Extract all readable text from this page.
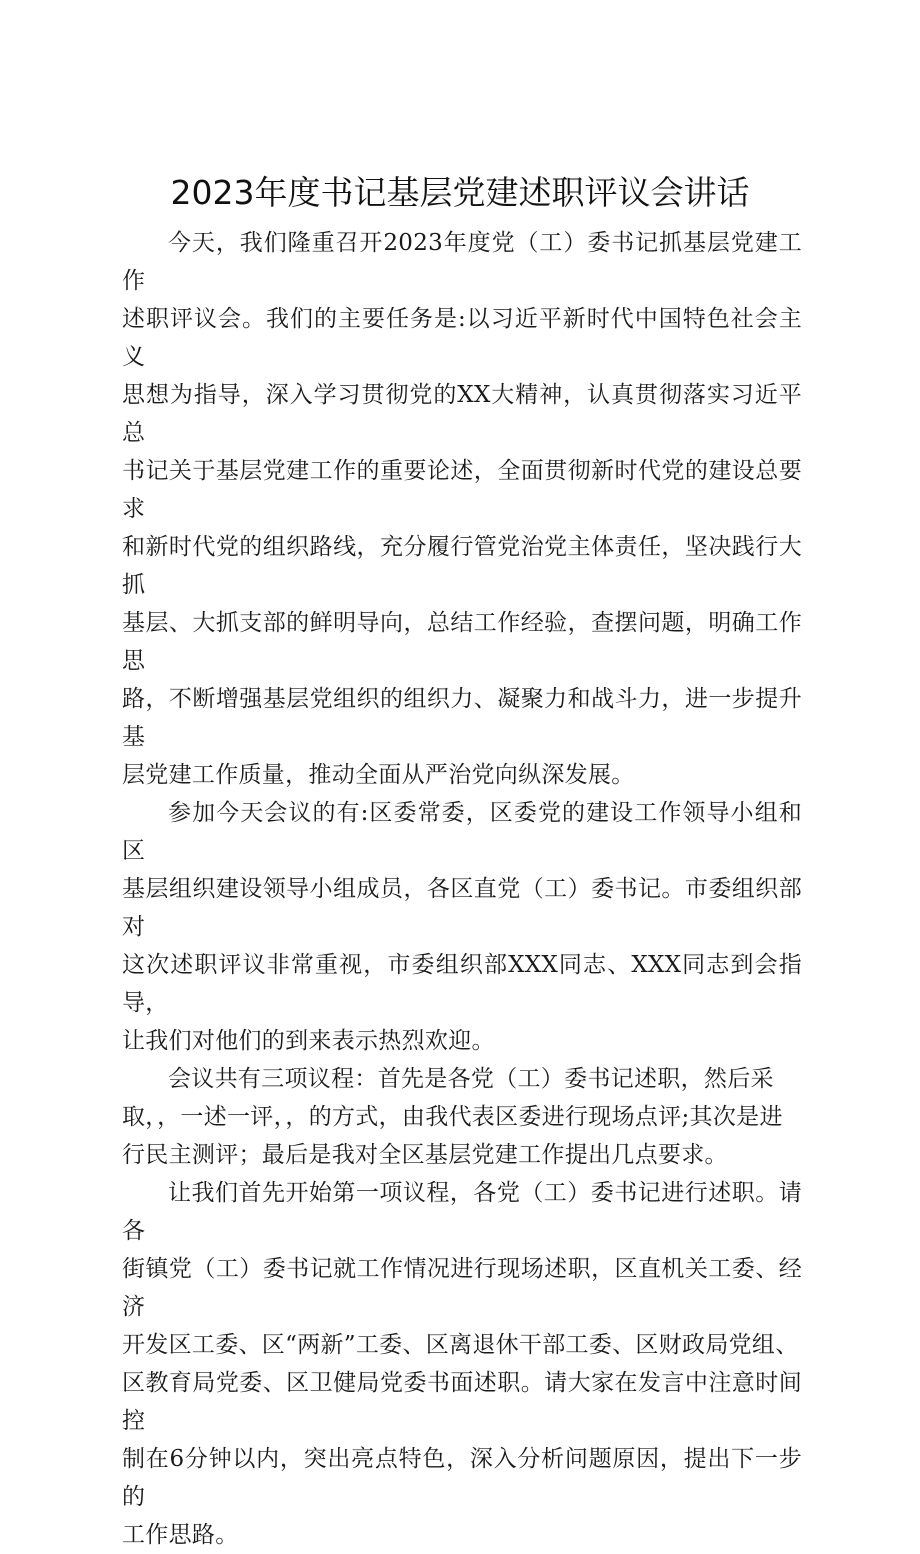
2023年度书记基层党建述职评议会讲话

今天，我们隆重召开2023年度党（工）委书记抓基层党建工作
述职评议会。我们的主要任务是:以习近平新时代中国特色社会主义
思想为指导，深入学习贯彻党的XX大精神，认真贯彻落实习近平总
书记关于基层党建工作的重要论述，全面贯彻新时代党的建设总要求
和新时代党的组织路线，充分履行管党治党主体责任，坚决践行大抓
基层、大抓支部的鲜明导向，总结工作经验，查摆问题，明确工作思
路，不断增强基层党组织的组织力、凝聚力和战斗力，进一步提升基
层党建工作质量，推动全面从严治党向纵深发展。

参加今天会议的有:区委常委，区委党的建设工作领导小组和区
基层组织建设领导小组成员，各区直党（工）委书记。市委组织部对
这次述职评议非常重视，市委组织部XXX同志、XXX同志到会指导，
让我们对他们的到来表示热烈欢迎。

会议共有三项议程：首先是各党（工）委书记述职，然后采
取，，一述一评，，的方式，由我代表区委进行现场点评;其次是进
行民主测评；最后是我对全区基层党建工作提出几点要求。

让我们首先开始第一项议程，各党（工）委书记进行述职。请各
街镇党（工）委书记就工作情况进行现场述职，区直机关工委、经济
开发区工委、区“两新”工委、区离退休干部工委、区财政局党组、
区教育局党委、区卫健局党委书面述职。请大家在发言中注意时间控
制在6分钟以内，突出亮点特色，深入分析问题原因，提出下一步的
工作思路。
